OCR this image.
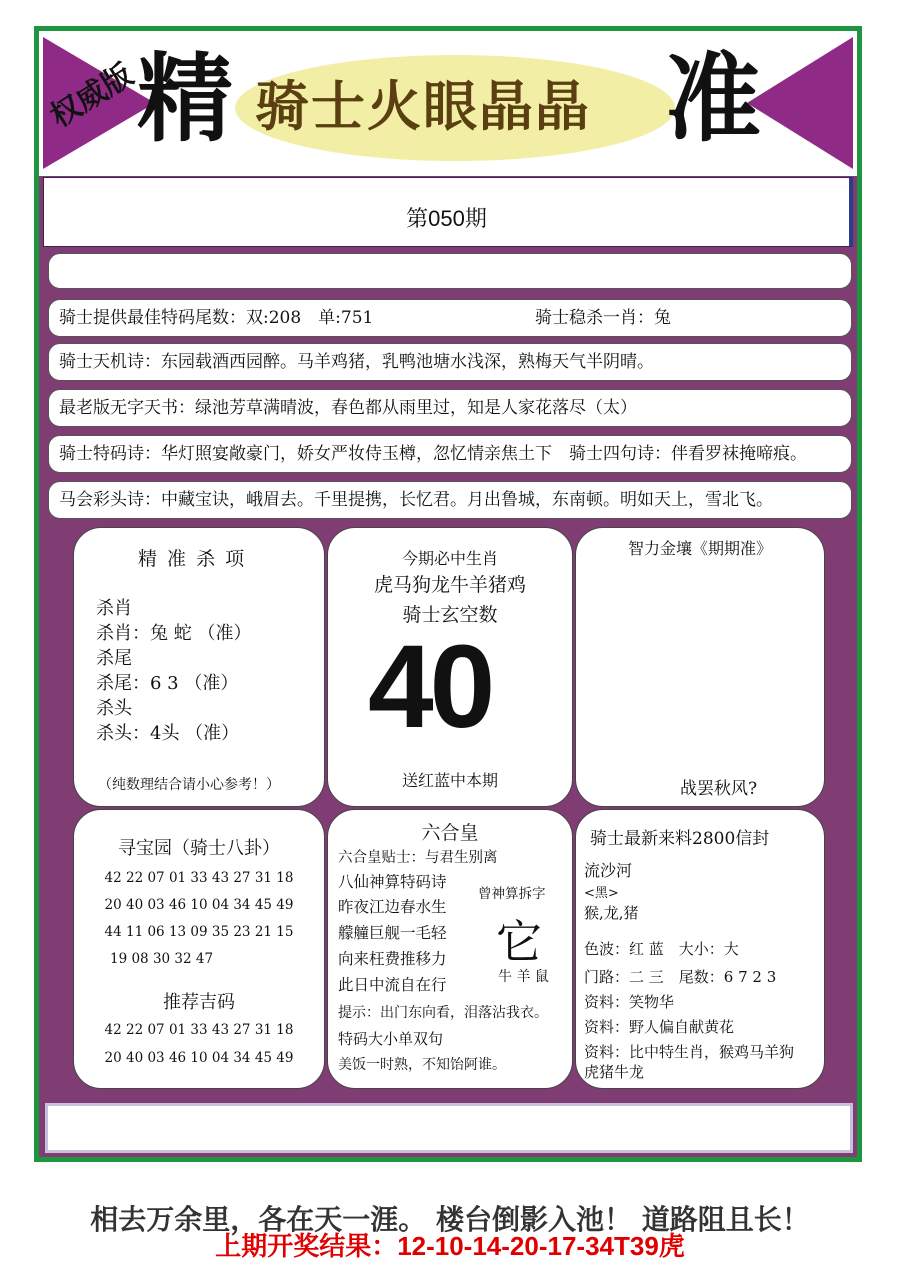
权威版
精 骑士火眼晶晶 准
第050期
骑士提供最佳特码尾数：双:208　单:751	骑士稳杀一肖：兔
骑士天机诗：东园载酒西园醉。马羊鸡猪，乳鸭池塘水浅深，熟梅天气半阴晴。
最老版无字天书：绿池芳草满晴波，春色都从雨里过，知是人家花落尽（太）
骑士特码诗：华灯照宴敞豪门，娇女严妆侍玉樽，忽忆情亲焦土下　骑士四句诗：伴看罗袜掩啼痕。
马会彩头诗：中藏宝诀，峨眉去。千里提携，长忆君。月出鲁城，东南顿。明如天上，雪北飞。
精 准 杀 项
杀肖
杀肖：兔 蛇 （准）
杀尾
杀尾：6 3 （准）
杀头
杀头：4头 （准）
（纯数理结合请小心参考！）
今期必中生肖
虎马狗龙牛羊猪鸡
骑士玄空数
40
送红蓝中本期
智力金壤《期期准》
战罢秋风?
寻宝园（骑士八卦）
42 22 07 01 33 43 27 31 18
20 40 03 46 10 04 34 45 49
44 11 06 13 09 35 23 21 15
19 08 30 32 47
推荐吉码
42 22 07 01 33 43 27 31 18
20 40 03 46 10 04 34 45 49
六合皇
六合皇贴士：与君生别离
八仙神算特码诗
昨夜江边春水生
艨艟巨舰一毛轻
向来枉费推移力
此日中流自在行
曾神算拆字
它
牛 羊 鼠
提示：出门东向看，泪落沾我衣。
特码大小单双句
美饭一时熟，不知饴阿谁。
骑士最新来料2800信封
流沙河
<黑>
猴,龙,猪
色波：红 蓝　大小：大
门路：二 三　尾数：6 7 2 3
资料：笑物华
资料：野人偏自献黄花
资料：比中特生肖，猴鸡马羊狗
虎猪牛龙
相去万余里，各在天一涯。 楼台倒影入池！ 道路阻且长！
上期开奖结果：12-10-14-20-17-34T39虎
